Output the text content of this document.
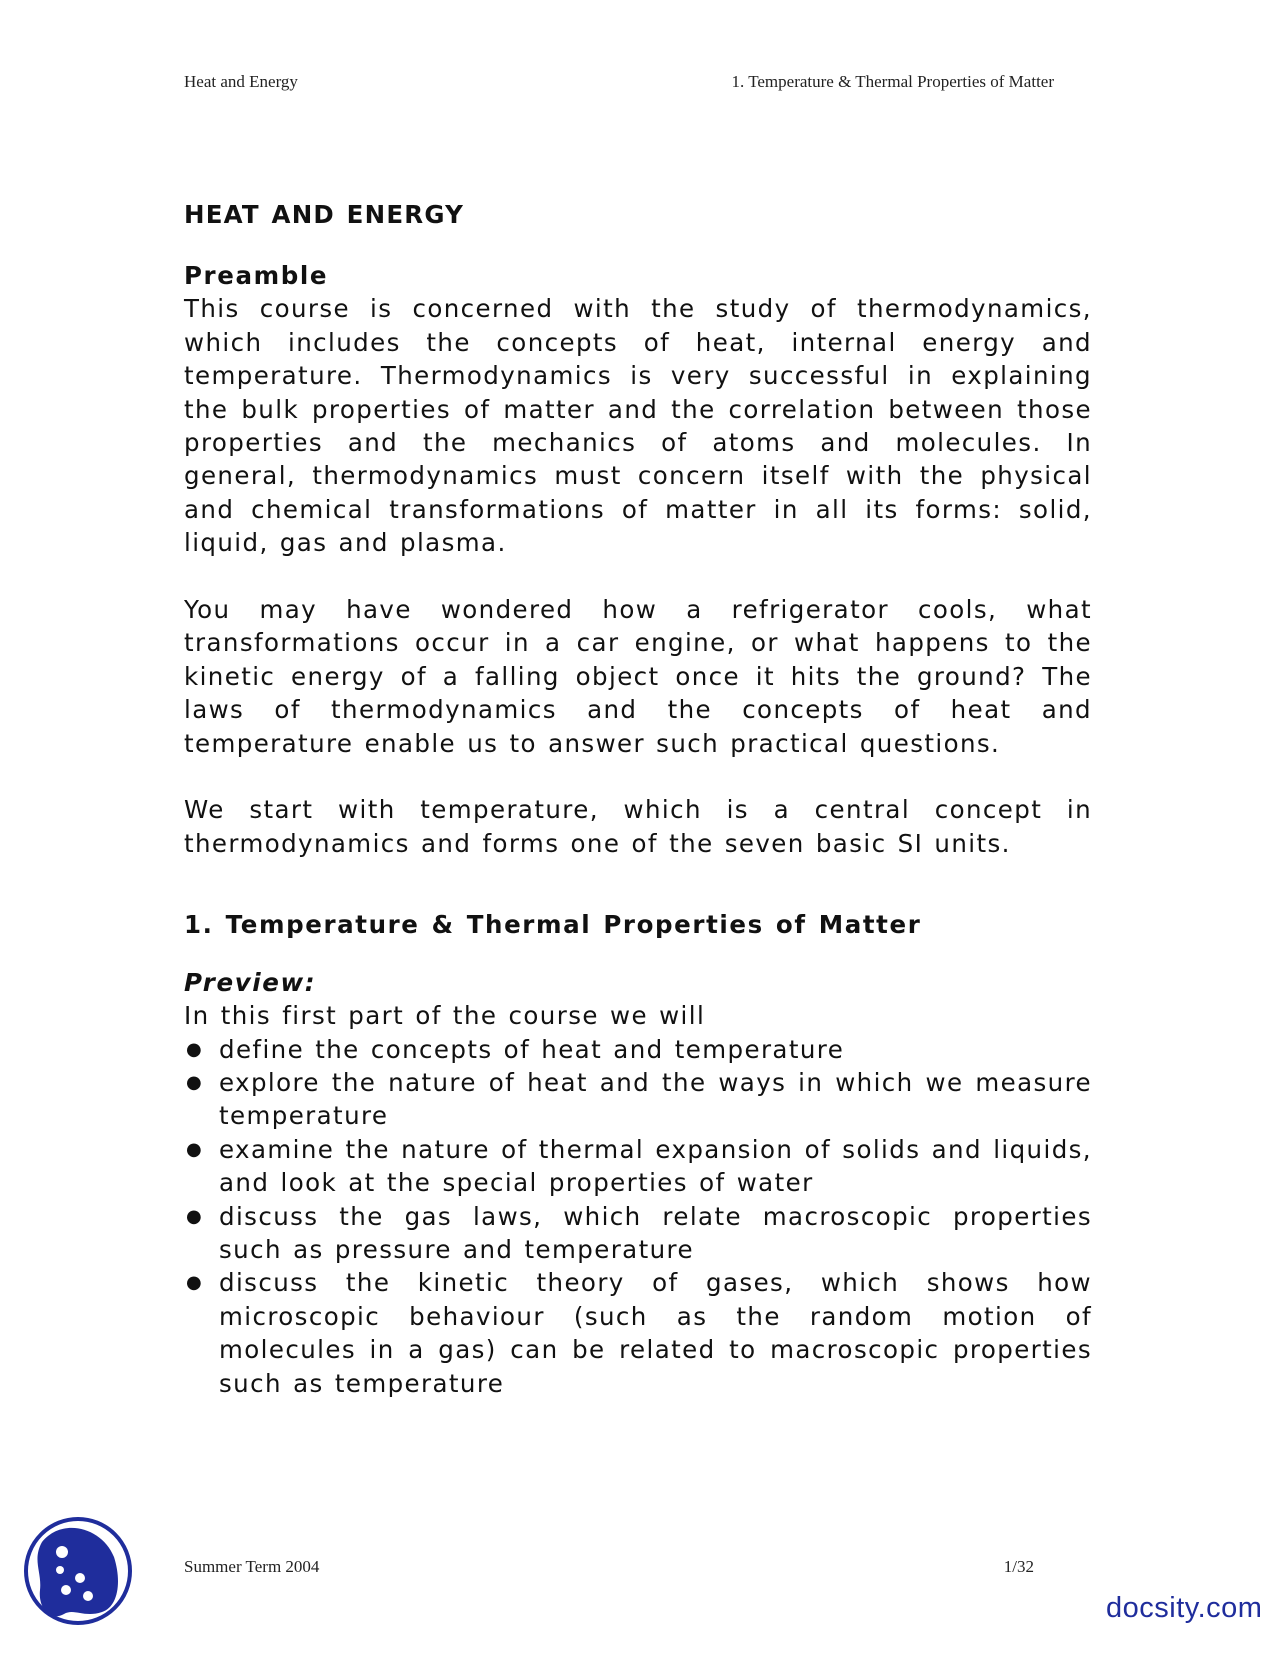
Heat and Energy	1. Temperature & Thermal Properties of Matter
HEAT AND ENERGY
Preamble

This course is concerned with the study of thermodynamics, which includes the concepts of heat, internal energy and temperature. Thermodynamics is very successful in explaining the bulk properties of matter and the correlation between those properties and the mechanics of atoms and molecules. In general, thermodynamics must concern itself with the physical and chemical transformations of matter in all its forms: solid, liquid, gas and plasma.

You may have wondered how a refrigerator cools, what transformations occur in a car engine, or what happens to the kinetic energy of a falling object once it hits the ground? The laws of thermodynamics and the concepts of heat and temperature enable us to answer such practical questions.

We start with temperature, which is a central concept in thermodynamics and forms one of the seven basic SI units.

1. Temperature & Thermal Properties of Matter
Preview:

In this first part of the course we will

● define the concepts of heat and temperature
● explore the nature of heat and the ways in which we measure temperature
● examine the nature of thermal expansion of solids and liquids, and look at the special properties of water
● discuss the gas laws, which relate macroscopic properties such as pressure and temperature
● discuss the kinetic theory of gases, which shows how microscopic behaviour (such as the random motion of molecules in a gas) can be related to macroscopic properties such as temperature
Summer Term 2004	1/32
docsity.com
